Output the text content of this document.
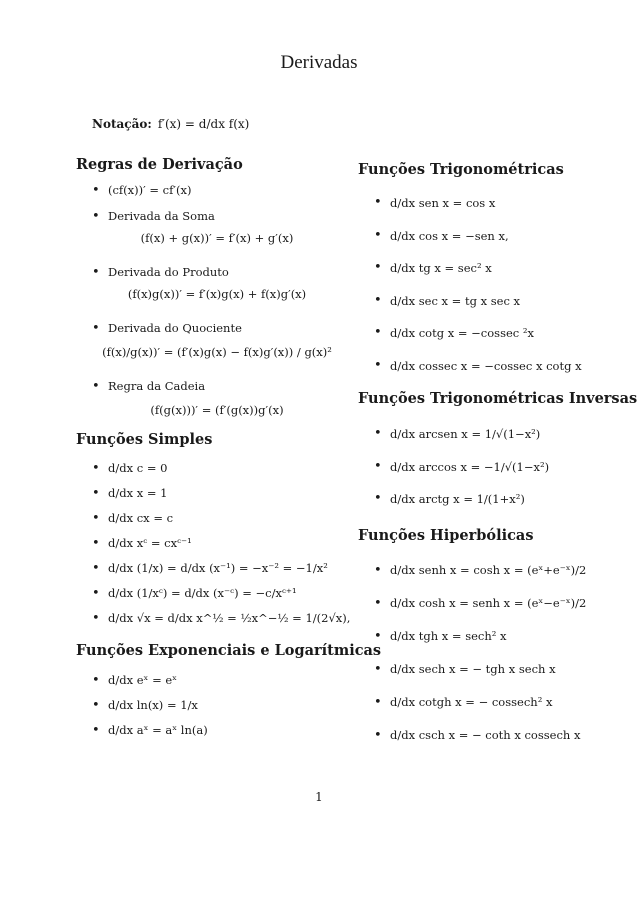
Derivadas
Notação: f′(x) = d/dx f(x)
Regras de Derivação
• (cf(x))′ = cf′(x)
• Derivada da Soma
(f(x) + g(x))′ = f′(x) + g′(x)
• Derivada do Produto
(f(x)g(x))′ = f′(x)g(x) + f(x)g′(x)
• Derivada do Quociente
(f(x)/g(x))′ = (f′(x)g(x) − f(x)g′(x)) / g(x)²
• Regra da Cadeia
(f(g(x)))′ = (f′(g(x))g′(x)
Funções Simples
• d/dx c = 0
• d/dx x = 1
• d/dx cx = c
• d/dx xᶜ = cxᶜ⁻¹
• d/dx (1/x) = d/dx (x⁻¹) = −x⁻² = −1/x²
• d/dx (1/xᶜ) = d/dx (x⁻ᶜ) = −c/xᶜ⁺¹
• d/dx √x = d/dx x^½ = ½x^−½ = 1/(2√x),
Funções Exponenciais e Logarítmicas
• d/dx eˣ = eˣ
• d/dx ln(x) = 1/x
• d/dx aˣ = aˣ ln(a)
Funções Trigonométricas
• d/dx sen x = cos x
• d/dx cos x = −sen x,
• d/dx tg x = sec² x
• d/dx sec x = tg x sec x
• d/dx cotg x = −cossec ²x
• d/dx cossec x = −cossec x cotg x
Funções Trigonométricas Inversas
• d/dx arcsen x = 1/√(1−x²)
• d/dx arccos x = −1/√(1−x²)
• d/dx arctg x = 1/(1+x²)
Funções Hiperbólicas
• d/dx senh x = cosh x = (eˣ+e⁻ˣ)/2
• d/dx cosh x = senh x = (eˣ−e⁻ˣ)/2
• d/dx tgh x = sech² x
• d/dx sech x = − tgh x sech x
• d/dx cotgh x = − cossech² x
• d/dx csch x = − coth x cossech x
1
